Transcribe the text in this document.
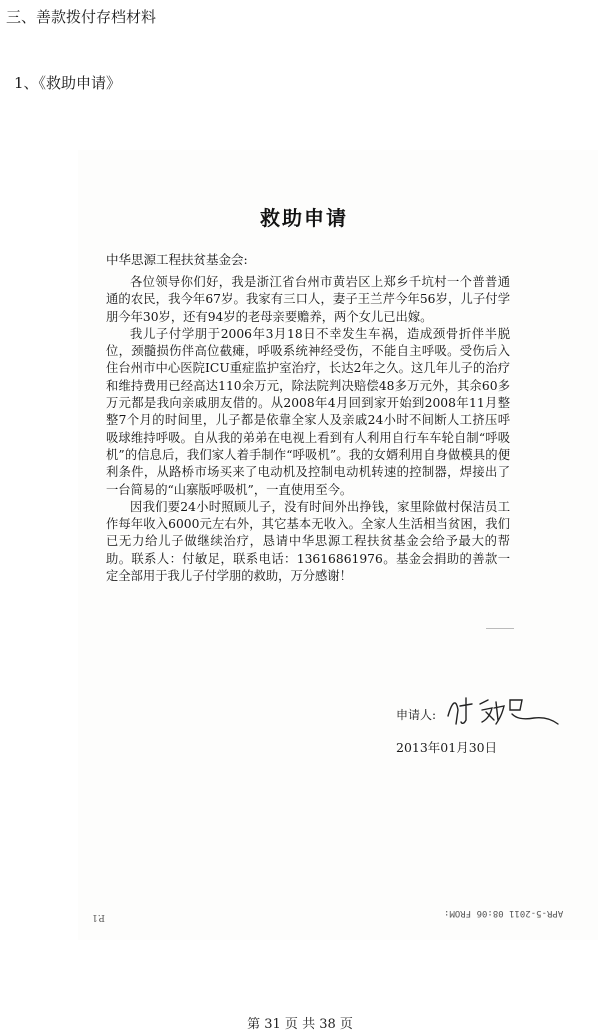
三、善款拨付存档材料
1、《救助申请》
救助申请
中华思源工程扶贫基金会:

各位领导你们好，我是浙江省台州市黄岩区上郑乡千坑村一个普普通通的农民，我今年67岁。我家有三口人，妻子王兰芹今年56岁，儿子付学朋今年30岁，还有94岁的老母亲要赡养，两个女儿已出嫁。

我儿子付学朋于2006年3月18日不幸发生车祸，造成颈骨折伴半脱位，颈髓损伤伴高位截瘫，呼吸系统神经受伤，不能自主呼吸。受伤后入住台州市中心医院ICU重症监护室治疗，长达2年之久。这几年儿子的治疗和维持费用已经高达110余万元，除法院判决赔偿48多万元外，其余60多万元都是我向亲戚朋友借的。从2008年4月回到家开始到2008年11月整整7个月的时间里，儿子都是依靠全家人及亲戚24小时不间断人工挤压呼吸球维持呼吸。自从我的弟弟在电视上看到有人利用自行车车轮自制“呼吸机”的信息后，我们家人着手制作“呼吸机”。我的女婿利用自身做模具的便利条件，从路桥市场买来了电动机及控制电动机转速的控制器，焊接出了一台简易的“山寨版呼吸机”，一直使用至今。

因我们要24小时照顾儿子，没有时间外出挣钱，家里除做村保洁员工作每年收入6000元左右外，其它基本无收入。全家人生活相当贫困，我们已无力给儿子做继续治疗，恳请中华思源工程扶贫基金会给予最大的帮助。联系人：付敏足，联系电话：13616861976。基金会捐助的善款一定全部用于我儿子付学朋的救助，万分感谢！

申请人:
2013年01月30日
P.1	APR-5-2011 08:06 FROM:
第 31 页 共 38 页
